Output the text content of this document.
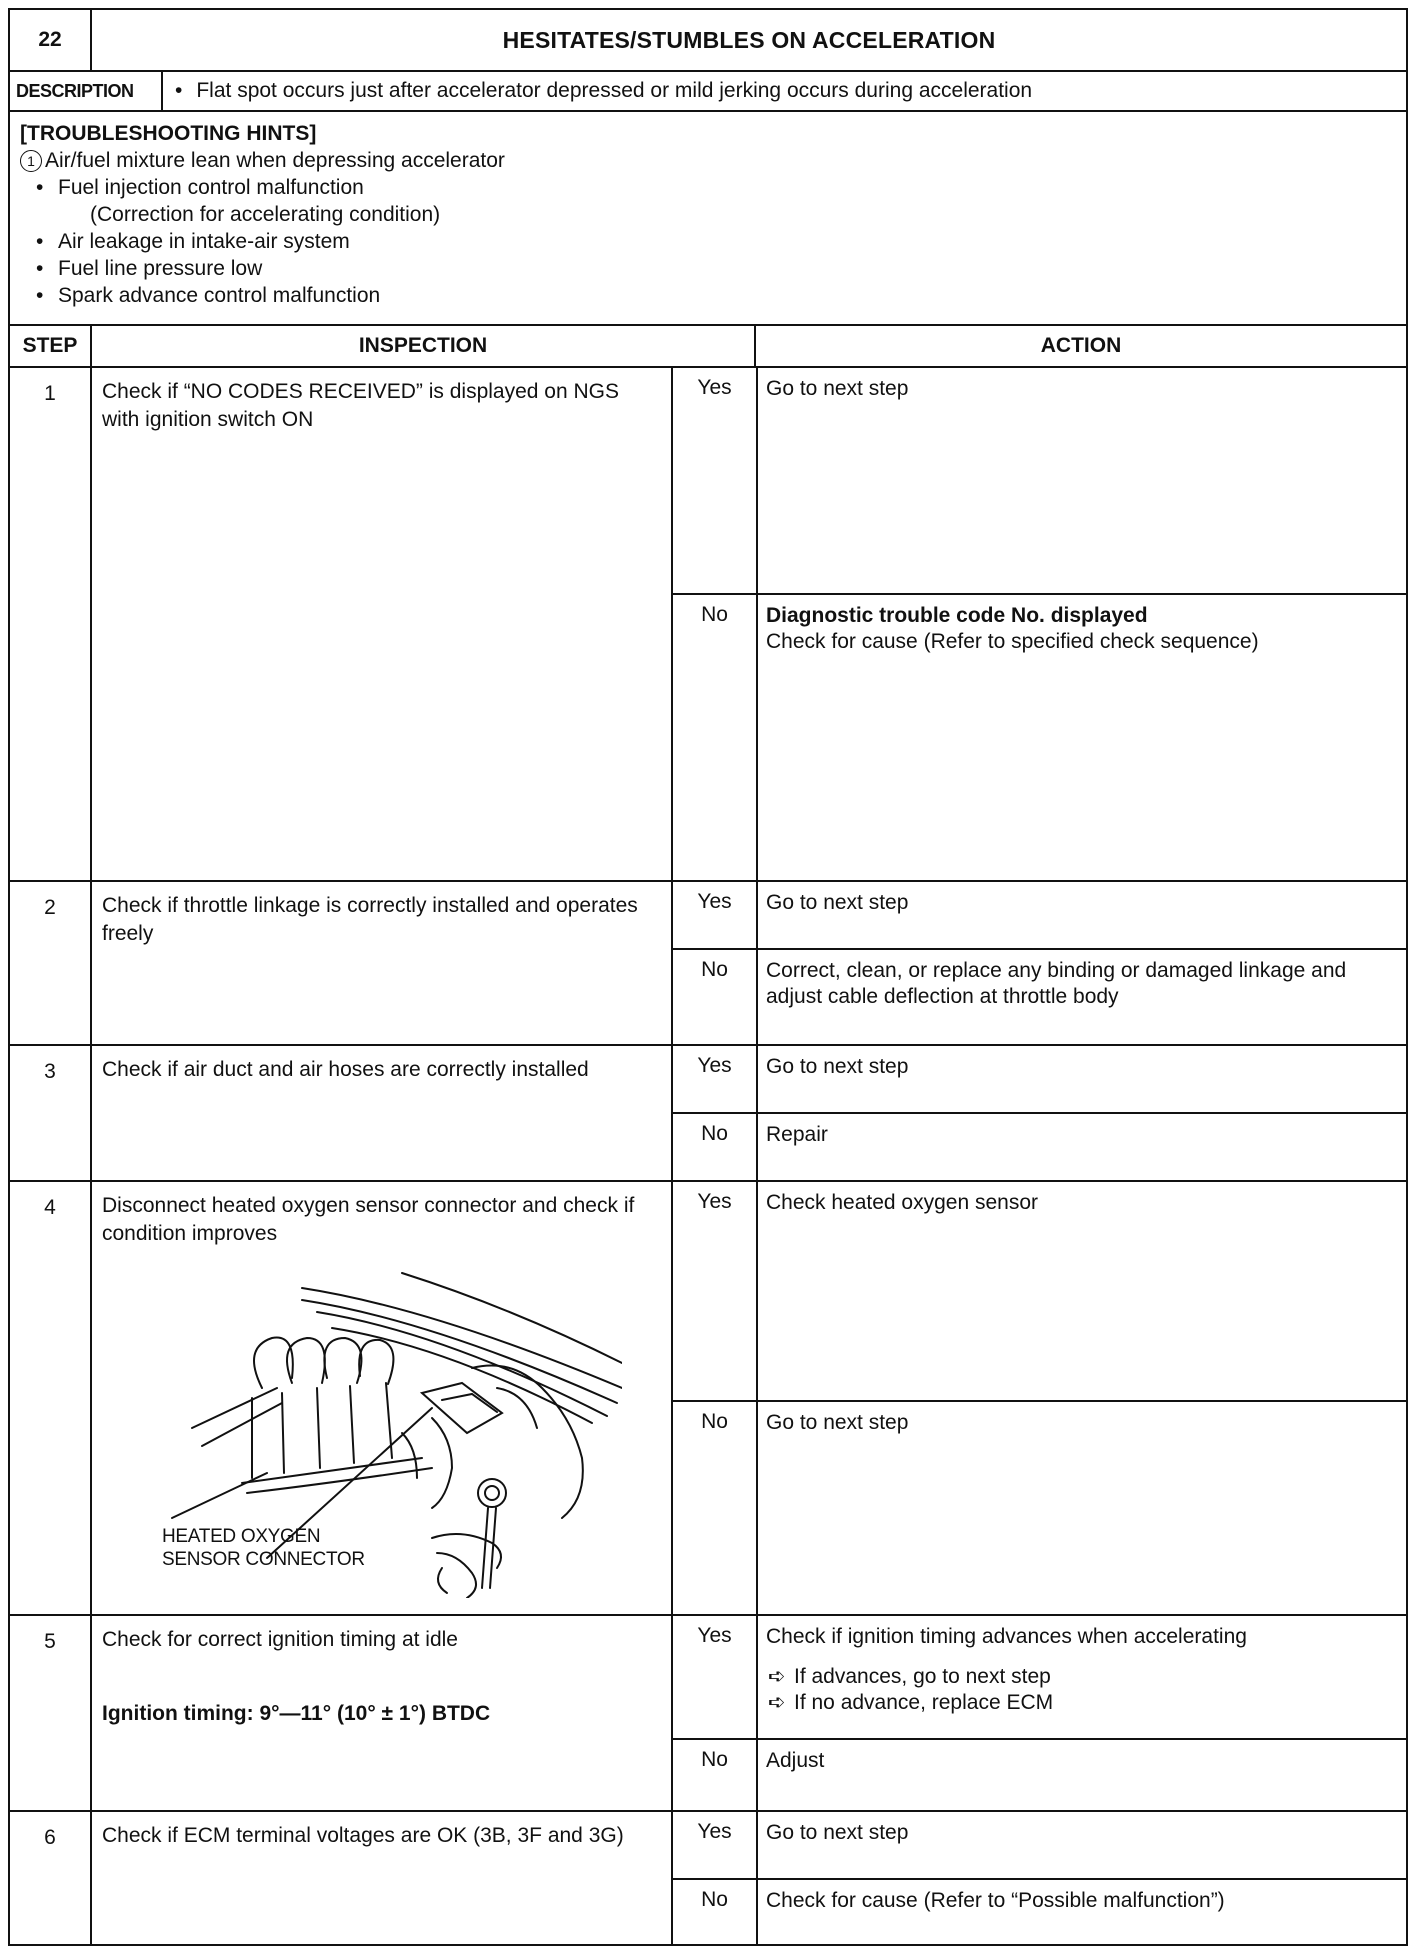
22	HESITATES/STUMBLES ON ACCELERATION
DESCRIPTION	• Flat spot occurs just after accelerator depressed or mild jerking occurs during acceleration
[TROUBLESHOOTING HINTS]
1 Air/fuel mixture lean when depressing accelerator
• Fuel injection control malfunction
(Correction for accelerating condition)
• Air leakage in intake-air system
• Fuel line pressure low
• Spark advance control malfunction
STEP	INSPECTION	ACTION
1	Check if “NO CODES RECEIVED” is displayed on NGS with ignition switch ON
Yes	Go to next step
No	Diagnostic trouble code No. displayed
Check for cause (Refer to specified check sequence)
2	Check if throttle linkage is correctly installed and operates freely
Yes	Go to next step
No	Correct, clean, or replace any binding or damaged linkage and adjust cable deflection at throttle body
3	Check if air duct and air hoses are correctly installed	Yes	Go to next step
No	Repair
4	Disconnect heated oxygen sensor connector and check if condition improves
HEATED OXYGEN
SENSOR CONNECTOR
Yes	Check heated oxygen sensor
No	Go to next step
5	Check for correct ignition timing at idle
Ignition timing: 9°—11° (10° ± 1°) BTDC
Yes	Check if ignition timing advances when accelerating
➪ If advances, go to next step
➪ If no advance, replace ECM
No	Adjust
6	Check if ECM terminal voltages are OK (3B, 3F and 3G)	Yes	Go to next step
No	Check for cause (Refer to “Possible malfunction”)
